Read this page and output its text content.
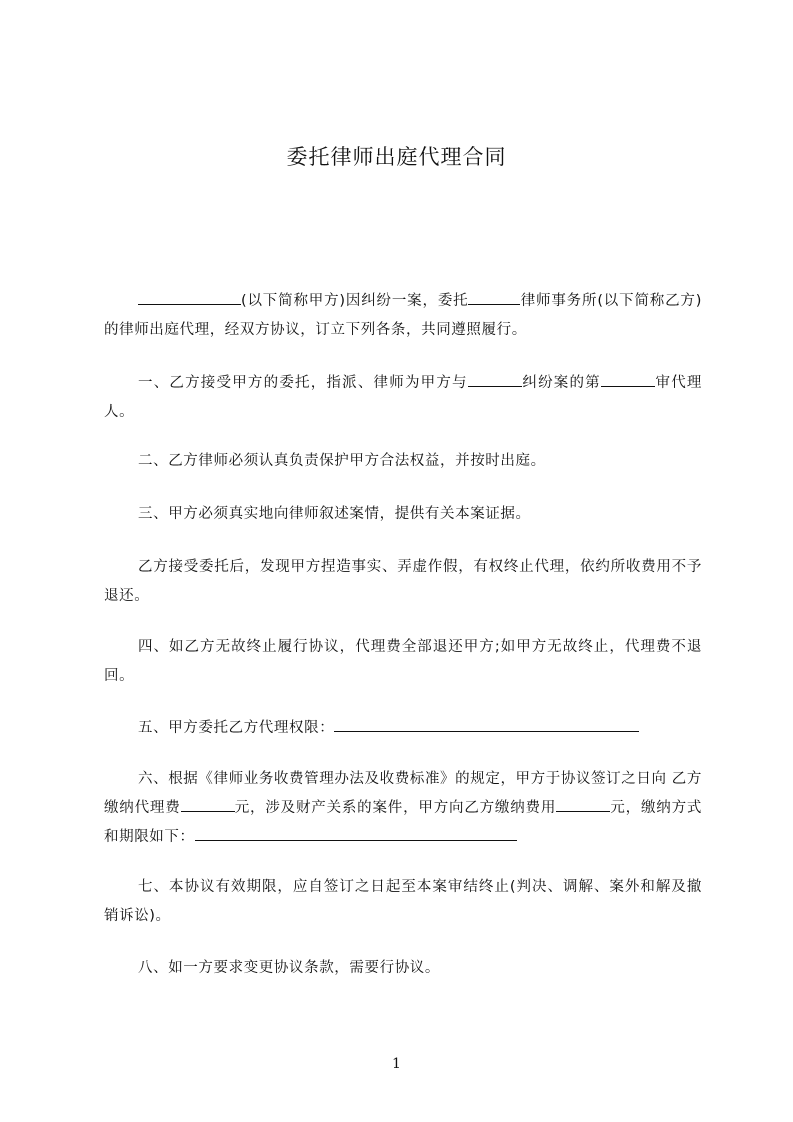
委托律师出庭代理合同

(以下简称甲方)因纠纷一案，委托	律师事务所(以下简称乙方)的律师出庭代理，经双方协议，订立下列各条，共同遵照履行。

一、乙方接受甲方的委托，指派、律师为甲方与	纠纷案的第	审代理人。

二、乙方律师必须认真负责保护甲方合法权益，并按时出庭。

三、甲方必须真实地向律师叙述案情，提供有关本案证据。

乙方接受委托后，发现甲方捏造事实、弄虚作假，有权终止代理，依约所收费用不予退还。

四、如乙方无故终止履行协议，代理费全部退还甲方;如甲方无故终止，代理费不退回。

五、甲方委托乙方代理权限：

六、根据《律师业务收费管理办法及收费标准》的规定，甲方于协议签订之日向 乙方缴纳代理费	元，涉及财产关系的案件，甲方向乙方缴纳费用	元，缴纳方式和期限如下：

七、本协议有效期限，应自签订之日起至本案审结终止(判决、调解、案外和解及撤销诉讼)。

八、如一方要求变更协议条款，需要行协议。

1
